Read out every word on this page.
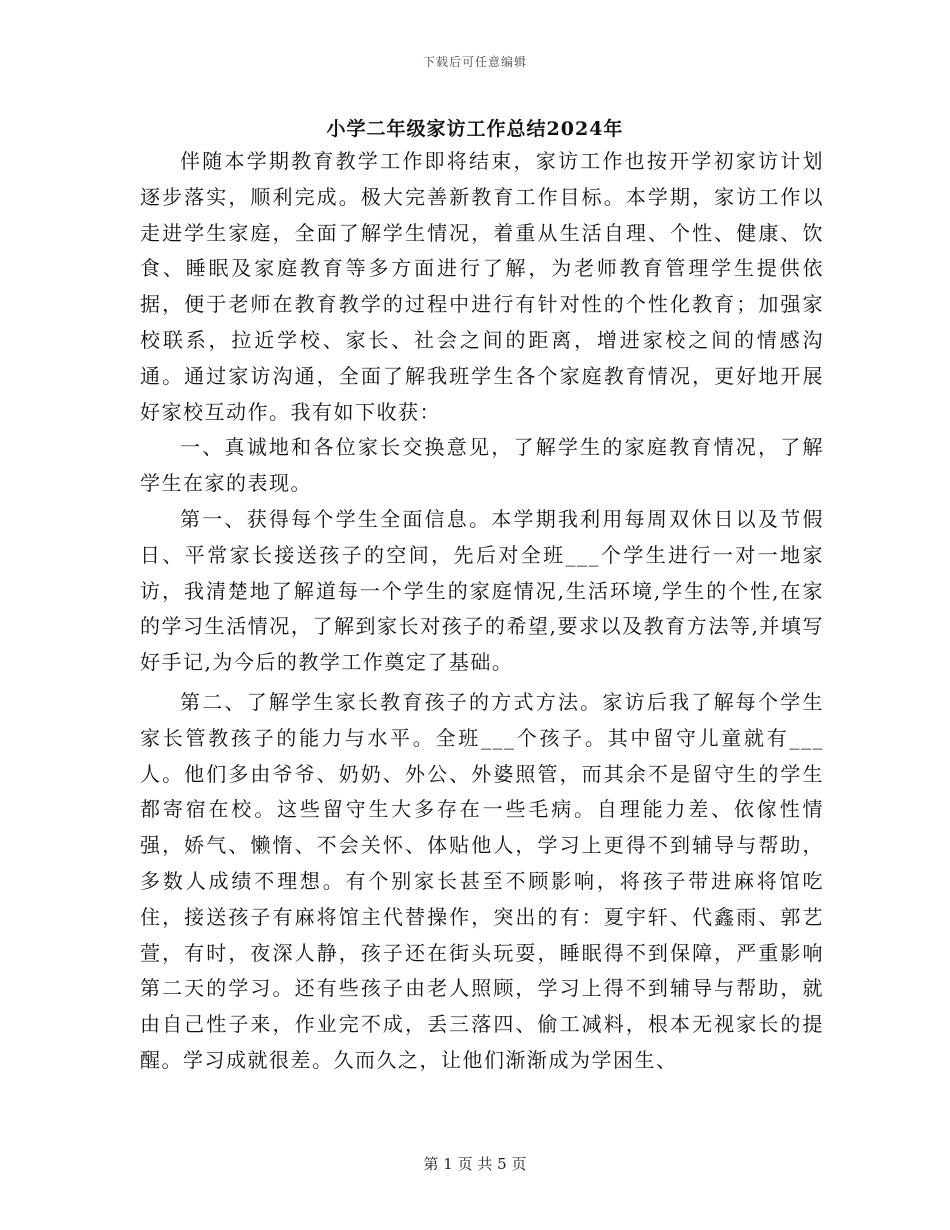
下载后可任意编辑
小学二年级家访工作总结2024年

伴随本学期教育教学工作即将结束，家访工作也按开学初家访计划逐步落实，顺利完成。极大完善新教育工作目标。本学期，家访工作以走进学生家庭，全面了解学生情况，着重从生活自理、个性、健康、饮食、睡眠及家庭教育等多方面进行了解，为老师教育管理学生提供依据，便于老师在教育教学的过程中进行有针对性的个性化教育；加强家校联系，拉近学校、家长、社会之间的距离，增进家校之间的情感沟通。通过家访沟通，全面了解我班学生各个家庭教育情况，更好地开展好家校互动作。我有如下收获：

一、真诚地和各位家长交换意见，了解学生的家庭教育情况，了解学生在家的表现。

第一、获得每个学生全面信息。本学期我利用每周双休日以及节假日、平常家长接送孩子的空间，先后对全班___个学生进行一对一地家访，我清楚地了解道每一个学生的家庭情况,生活环境,学生的个性,在家的学习生活情况，了解到家长对孩子的希望,要求以及教育方法等,并填写好手记,为今后的教学工作奠定了基础。

第二、了解学生家长教育孩子的方式方法。家访后我了解每个学生家长管教孩子的能力与水平。全班___个孩子。其中留守儿童就有___人。他们多由爷爷、奶奶、外公、外婆照管，而其余不是留守生的学生都寄宿在校。这些留守生大多存在一些毛病。自理能力差、依傢性情强，娇气、懒惰、不会关怀、体贴他人，学习上更得不到辅导与帮助，多数人成绩不理想。有个别家长甚至不顾影响，将孩子带进麻将馆吃住，接送孩子有麻将馆主代替操作，突出的有：夏宇轩、代鑫雨、郭艺萱，有时，夜深人静，孩子还在街头玩耍，睡眠得不到保障，严重影响第二天的学习。还有些孩子由老人照顾，学习上得不到辅导与帮助，就由自己性子来，作业完不成，丢三落四、偷工减料，根本无视家长的提醒。学习成就很差。久而久之，让他们渐渐成为学困生、

第 1 页 共 5 页
